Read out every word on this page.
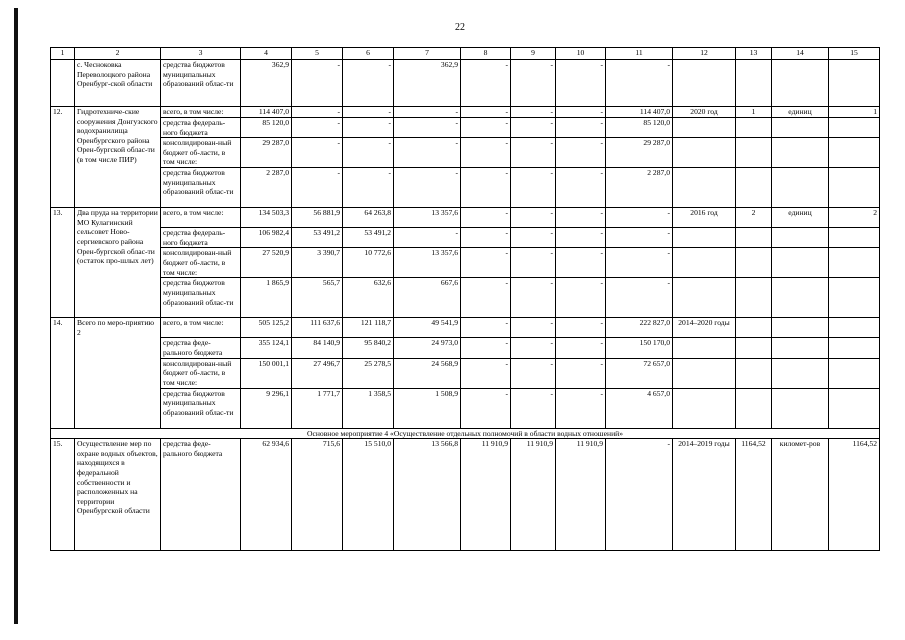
22
1	2	3	4	5	6	7	8	9	10	11	12	13	14	15
	с. Чесноковка Переволоцкого района Оренбург-ской области	средства бюджетов муниципальных образований облас-ти	362,9	-	-	362,9	-	-	-	-				
12.	Гидротехниче-ские сооружения Донгузского водохранилища Оренбургского района Орен-бургской облас-ти (в том числе ПИР)	всего, в том числе:	114 407,0	-	-	-	-	-	-	114 407,0	2020 год	1	единиц	1
		средства федераль-ного бюджета	85 120,0	-	-	-	-	-	-	85 120,0				
		консолидирован-ный бюджет об-ласти, в том числе:	29 287,0	-	-	-	-	-	-	29 287,0				
		средства бюджетов муниципальных образований облас-ти	2 287,0	-	-	-	-	-	-	2 287,0				
13.	Два пруда на территории МО Кулагинский сельсовет Ново-сергиевского района Орен-бургской облас-ти (остаток про-шлых лет)	всего, в том числе:	134 503,3	56 881,9	64 263,8	13 357,6	-	-	-	-	2016 год	2	единиц	2
		средства федераль-ного бюджета	106 982,4	53 491,2	53 491,2	-	-	-	-	-				
		консолидирован-ный бюджет об-ласти, в том числе:	27 520,9	3 390,7	10 772,6	13 357,6	-	-	-	-				
		средства бюджетов муниципальных образований облас-ти	1 865,9	565,7	632,6	667,6	-	-	-	-				
14.	Всего по меро-приятию 2	всего, в том числе:	505 125,2	111 637,6	121 118,7	49 541,9	-	-	-	222 827,0	2014–2020 годы			
		средства феде-рального бюджета	355 124,1	84 140,9	95 840,2	24 973,0	-	-	-	150 170,0				
		консолидирован-ный бюджет об-ласти, в том числе:	150 001,1	27 496,7	25 278,5	24 568,9	-	-	-	72 657,0				
		средства бюджетов муниципальных образований облас-ти	9 296,1	1 771,7	1 358,5	1 508,9	-	-	-	4 657,0				
Основное мероприятие 4 «Осуществление отдельных полномочий в области водных отношений»														
15.	Осуществление мер по охране водных объектов, находящихся в федеральной собственности и расположенных на территории Оренбургской области	средства феде-рального бюджета	62 934,6	715,6	15 510,0	13 566,8	11 910,9	11 910,9	11 910,9	-	2014–2019 годы	1164,52	километ-ров	1164,52
